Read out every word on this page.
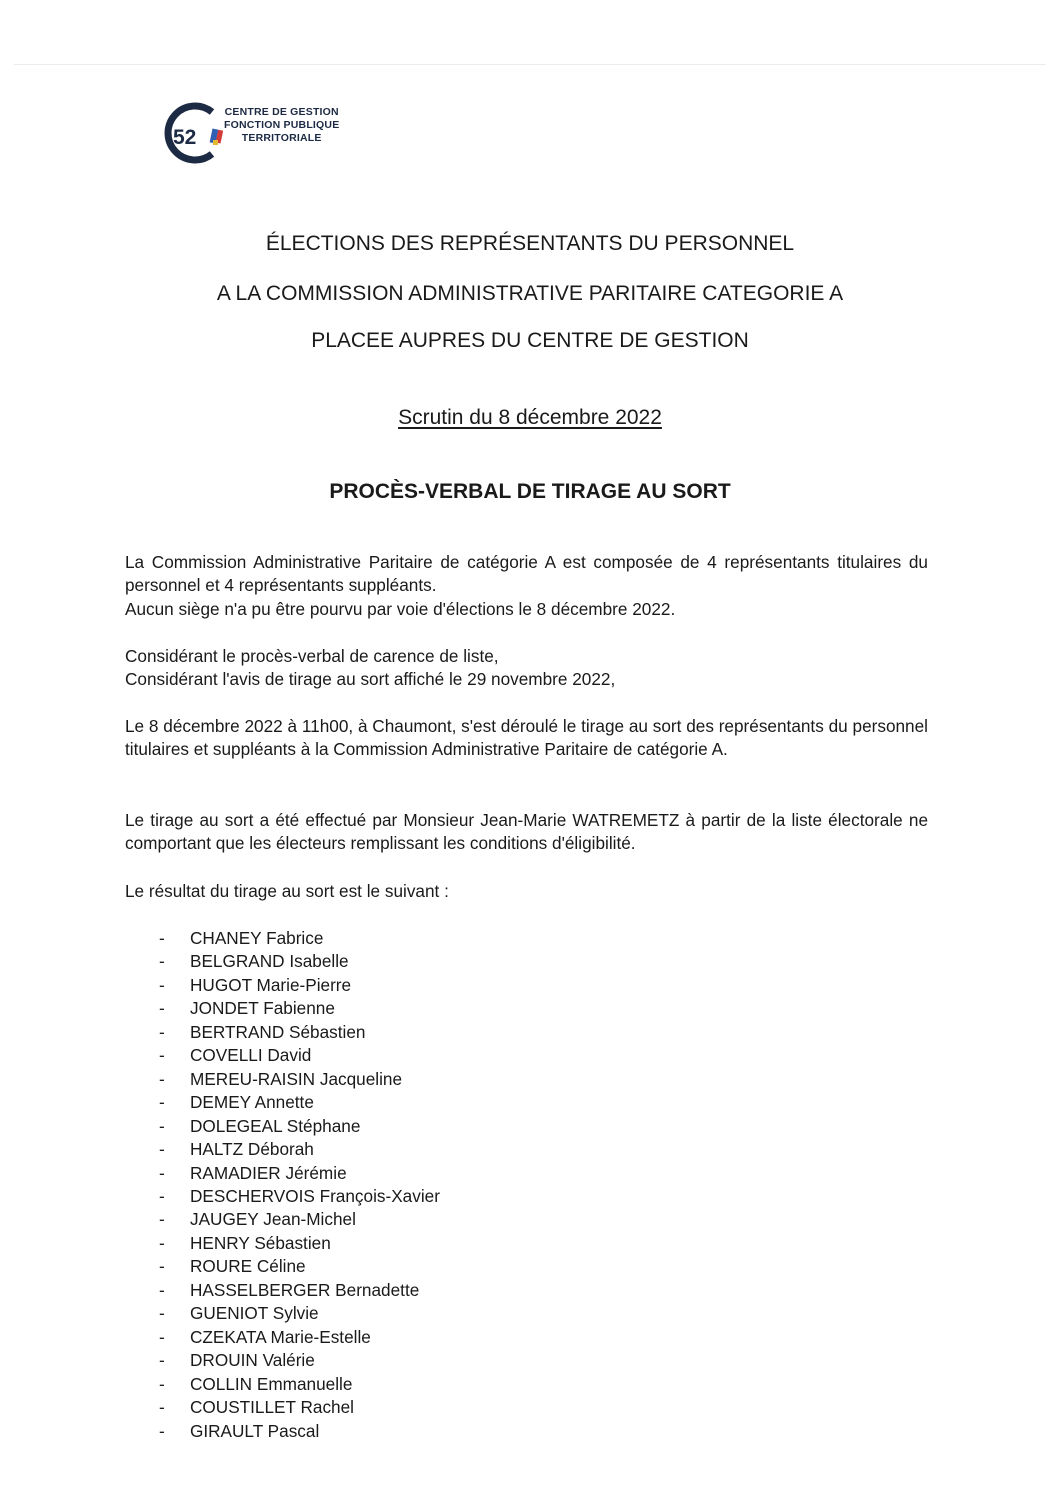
52
CENTRE DE GESTION
FONCTION PUBLIQUE
TERRITORIALE
ÉLECTIONS DES REPRÉSENTANTS DU PERSONNEL
A LA COMMISSION ADMINISTRATIVE PARITAIRE CATEGORIE A
PLACEE AUPRES DU CENTRE DE GESTION
Scrutin du 8 décembre 2022
PROCÈS-VERBAL DE TIRAGE AU SORT
La Commission Administrative Paritaire de catégorie A est composée de 4 représentants titulaires du personnel et 4 représentants suppléants.
Aucun siège n'a pu être pourvu par voie d'élections le 8 décembre 2022.
Considérant le procès-verbal de carence de liste,
Considérant l'avis de tirage au sort affiché le 29 novembre 2022,
Le 8 décembre 2022 à 11h00, à Chaumont, s'est déroulé le tirage au sort des représentants du personnel titulaires et suppléants à la Commission Administrative Paritaire de catégorie A.
Le tirage au sort a été effectué par Monsieur Jean-Marie WATREMETZ à partir de la liste électorale ne comportant que les électeurs remplissant les conditions d'éligibilité.
Le résultat du tirage au sort est le suivant :
- CHANEY Fabrice
- BELGRAND Isabelle
- HUGOT Marie-Pierre
- JONDET Fabienne
- BERTRAND Sébastien
- COVELLI David
- MEREU-RAISIN Jacqueline
- DEMEY Annette
- DOLEGEAL Stéphane
- HALTZ Déborah
- RAMADIER Jérémie
- DESCHERVOIS François-Xavier
- JAUGEY Jean-Michel
- HENRY Sébastien
- ROURE Céline
- HASSELBERGER Bernadette
- GUENIOT Sylvie
- CZEKATA Marie-Estelle
- DROUIN Valérie
- COLLIN Emmanuelle
- COUSTILLET Rachel
- GIRAULT Pascal
